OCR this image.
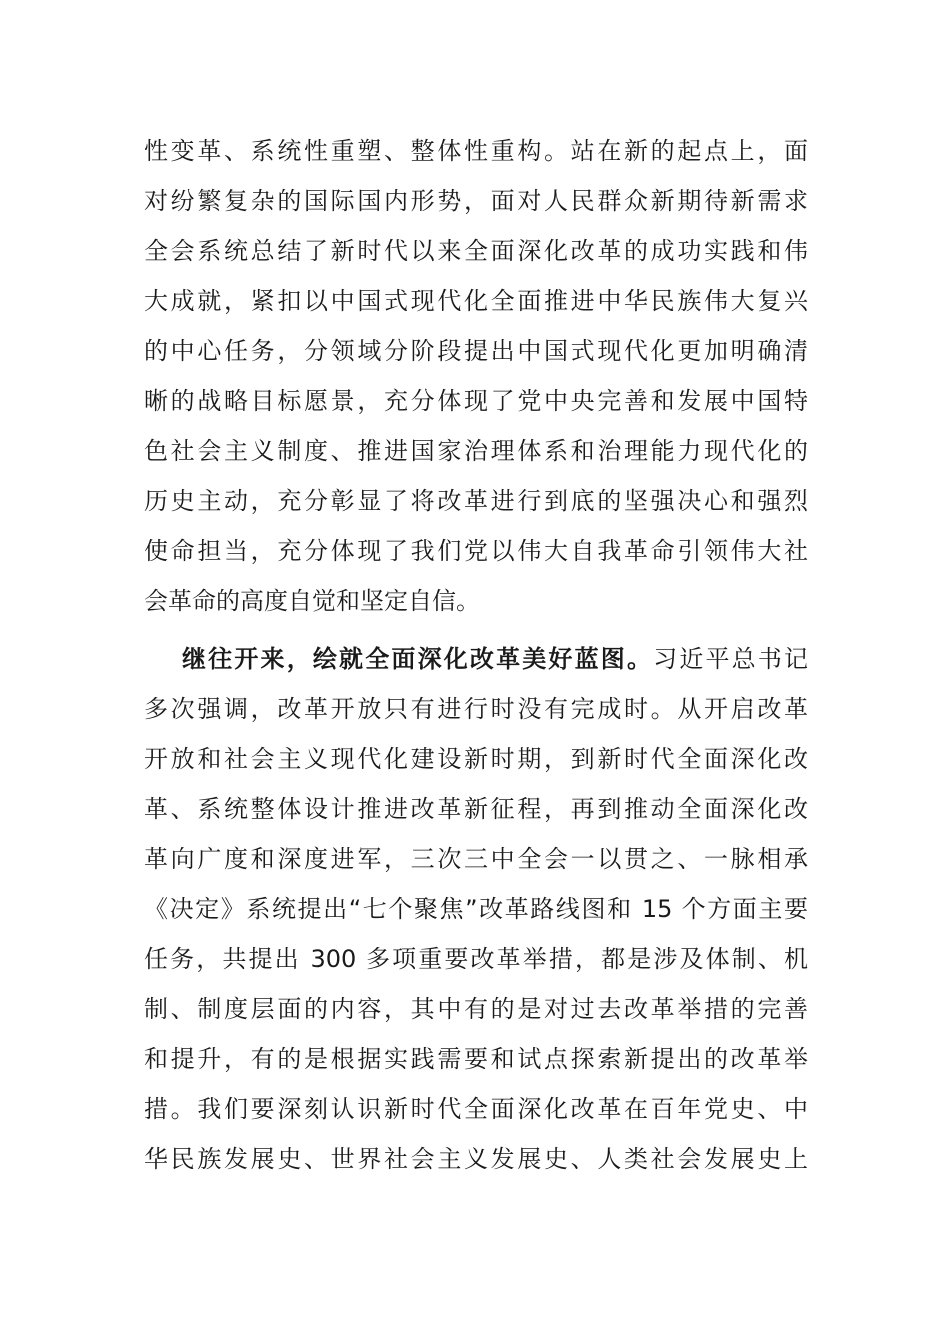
性变革、系统性重塑、整体性重构。站在新的起点上，面
对纷繁复杂的国际国内形势，面对人民群众新期待新需求
全会系统总结了新时代以来全面深化改革的成功实践和伟
大成就，紧扣以中国式现代化全面推进中华民族伟大复兴
的中心任务，分领域分阶段提出中国式现代化更加明确清
晰的战略目标愿景，充分体现了党中央完善和发展中国特
色社会主义制度、推进国家治理体系和治理能力现代化的
历史主动，充分彰显了将改革进行到底的坚强决心和强烈
使命担当，充分体现了我们党以伟大自我革命引领伟大社
会革命的高度自觉和坚定自信。
继往开来，绘就全面深化改革美好蓝图。习近平总书记
多次强调，改革开放只有进行时没有完成时。从开启改革
开放和社会主义现代化建设新时期，到新时代全面深化改
革、系统整体设计推进改革新征程，再到推动全面深化改
革向广度和深度进军，三次三中全会一以贯之、一脉相承
《决定》系统提出“七个聚焦”改革路线图和 15 个方面主要
任务，共提出 300 多项重要改革举措，都是涉及体制、机
制、制度层面的内容，其中有的是对过去改革举措的完善
和提升，有的是根据实践需要和试点探索新提出的改革举
措。我们要深刻认识新时代全面深化改革在百年党史、中
华民族发展史、世界社会主义发展史、人类社会发展史上
